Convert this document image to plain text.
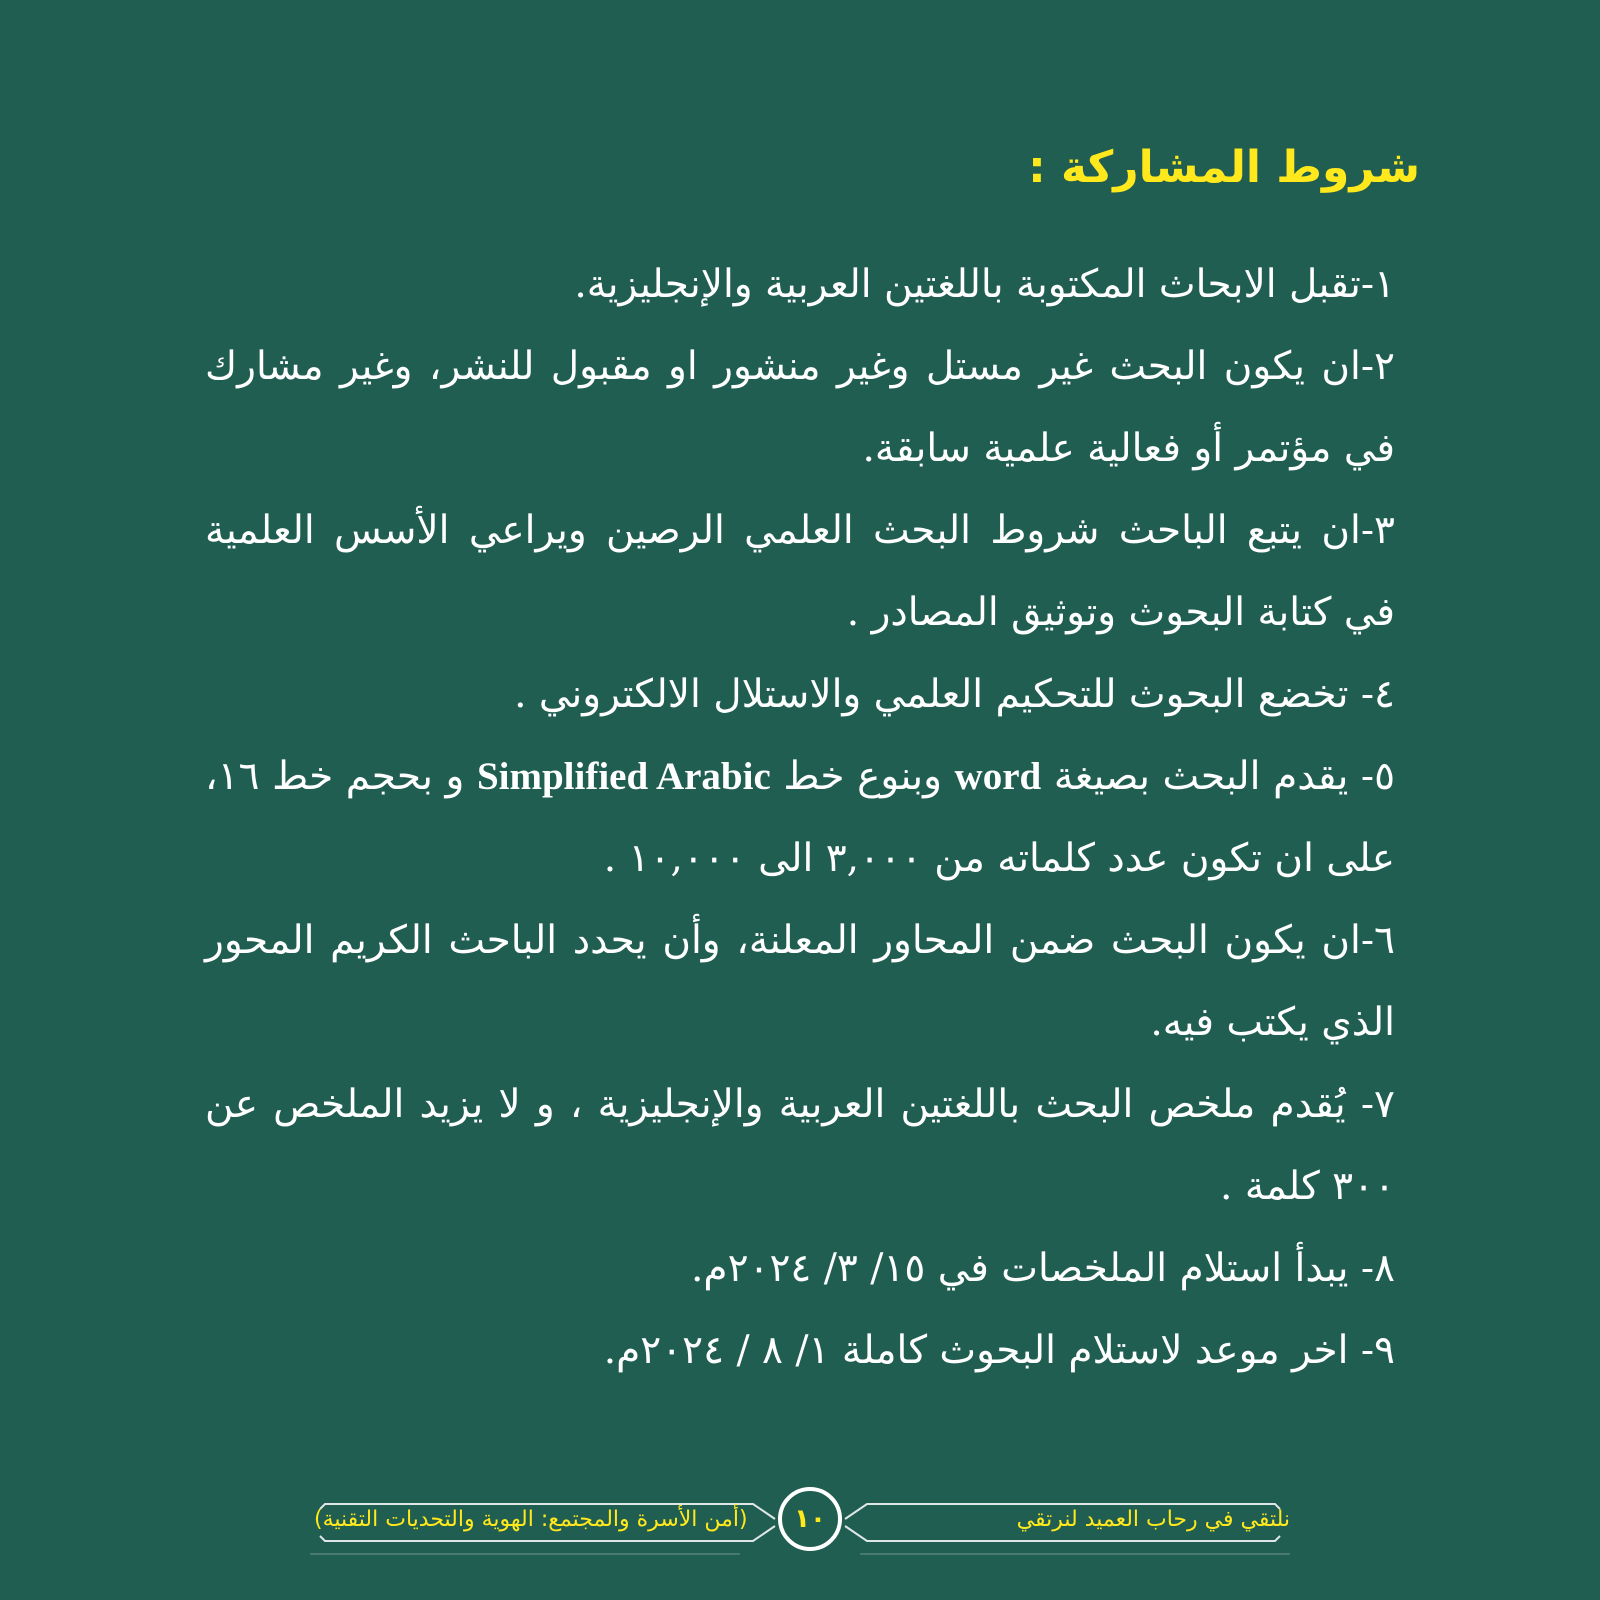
شروط المشاركة :
١-تقبل الابحاث المكتوبة باللغتين العربية والإنجليزية.
٢-ان يكون البحث غير مستل وغير منشور او مقبول للنشر، وغير مشارك في مؤتمر أو فعالية علمية سابقة.
٣-ان يتبع الباحث شروط البحث العلمي الرصين ويراعي الأسس العلمية في كتابة البحوث وتوثيق المصادر .
٤- تخضع البحوث للتحكيم العلمي والاستلال الالكتروني .
٥- يقدم البحث بصيغة word وبنوع خط Simplified Arabic و بحجم خط ١٦، على ان تكون عدد كلماته من ٣,٠٠٠ الى ١٠,٠٠٠ .
٦-ان يكون البحث ضمن المحاور المعلنة، وأن يحدد الباحث الكريم المحور الذي يكتب فيه.
٧- يُقدم ملخص البحث باللغتين العربية والإنجليزية ، و لا يزيد الملخص عن ٣٠٠ كلمة .
٨- يبدأ استلام الملخصات في ١٥/ ٣/ ٢٠٢٤م.
٩- اخر موعد لاستلام البحوث كاملة ١/ ٨ / ٢٠٢٤م.
نلتقي في رحاب العميد لنرتقي
١٠
(أمن الأسرة والمجتمع: الهوية والتحديات التقنية)
